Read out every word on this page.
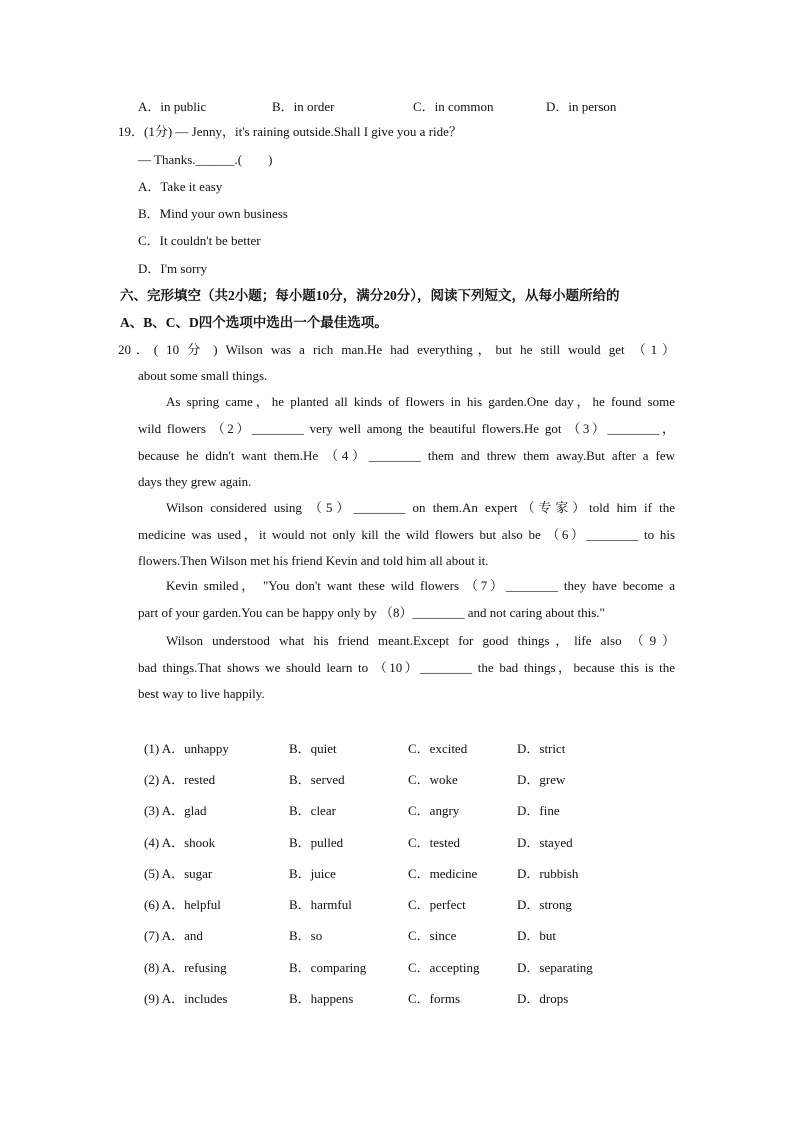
A．in public	B．in order	C．in common	D．in person
19．(1分) — Jenny，it's raining outside.Shall I give you a ride？
— Thanks.______.(　　)
A．Take it easy
B．Mind your own business
C．It couldn't be better
D．I'm sorry
六、完形填空（共2小题；每小题10分，满分20分），阅读下列短文，从每小题所给的
A、B、C、D四个选项中选出一个最佳选项。
20．( 10 分 ) Wilson was a rich man.He had everything，but he still would get （1）
about some small things.
As spring came，he planted all kinds of flowers in his garden.One day，he found some
wild flowers （2）________ very well among the beautiful flowers.He got （3）________，
because he didn't want them.He （4）________ them and threw them away.But after a few
days they grew again.
Wilson considered using （5）________ on them.An expert（专家）told him if the
medicine was used，it would not only kill the wild flowers but also be （6）________ to his
flowers.Then Wilson met his friend Kevin and told him all about it.
Kevin smiled， "You don't want these wild flowers （7）________ they have become a
part of your garden.You can be happy only by （8）________ and not caring about this."
Wilson understood what his friend meant.Except for good things，life also （9）
bad things.That shows we should learn to （10）________ the bad things，because this is the
best way to live happily.
(1) A．unhappy	B．quiet	C．excited	D．strict
(2) A．rested	B．served	C．woke	D．grew
(3) A．glad	B．clear	C．angry	D．fine
(4) A．shook	B．pulled	C．tested	D．stayed
(5) A．sugar	B．juice	C．medicine	D．rubbish
(6) A．helpful	B．harmful	C．perfect	D．strong
(7) A．and	B．so	C．since	D．but
(8) A．refusing	B．comparing	C．accepting	D．separating
(9) A．includes	B．happens	C．forms	D．drops
